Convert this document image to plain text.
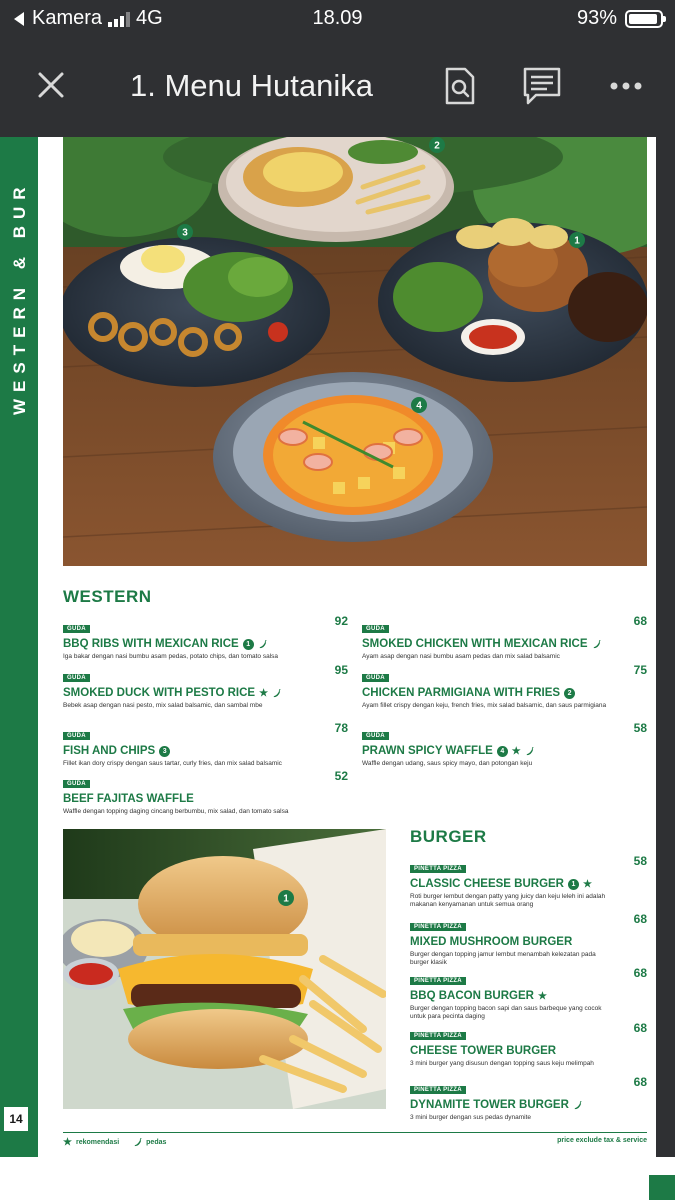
Kamera 4G	18.09	93%
1. Menu Hutanika
WESTERN & BUR
14
1
2
3
4
WESTERN
GUDA
BBQ RIBS WITH MEXICAN RICE	1
Iga bakar dengan nasi bumbu asam pedas, potato chips, dan tomato salsa
92
GUDA
SMOKED CHICKEN WITH MEXICAN RICE
Ayam asap dengan nasi bumbu asam pedas dan mix salad balsamic
68
GUDA
SMOKED DUCK WITH PESTO RICE ★
Bebek asap dengan nasi pesto, mix salad balsamic, dan sambal mbe
95
GUDA
CHICKEN PARMIGIANA WITH FRIES	2
Ayam fillet crispy dengan keju, french fries, mix salad balsamic, dan saus parmigiana
75
GUDA
FISH AND CHIPS	3
Fillet ikan dory crispy dengan saus tartar, curly fries, dan mix salad balsamic
78
GUDA
PRAWN SPICY WAFFLE	4 ★
Waffle dengan udang, saus spicy mayo, dan potongan keju
58
GUDA
BEEF FAJITAS WAFFLE
Waffle dengan topping daging cincang berbumbu, mix salad, dan tomato salsa
52
1
BURGER
PINETTA PIZZA
CLASSIC CHEESE BURGER	1 ★
Roti burger lembut dengan patty yang juicy dan keju leleh ini adalah makanan kenyamanan untuk semua orang
58
PINETTA PIZZA
MIXED MUSHROOM BURGER
Burger dengan topping jamur lembut menambah kelezatan pada burger klasik
68
PINETTA PIZZA
BBQ BACON BURGER ★
Burger dengan topping bacon sapi dan saus barbeque yang cocok untuk para pecinta daging
68
PINETTA PIZZA
CHEESE TOWER BURGER
3 mini burger yang disusun dengan topping saus keju melimpah
68
PINETTA PIZZA
DYNAMITE TOWER BURGER
3 mini burger dengan sus pedas dynamite
68
★ rekomendasi	pedas	price exclude tax & service
